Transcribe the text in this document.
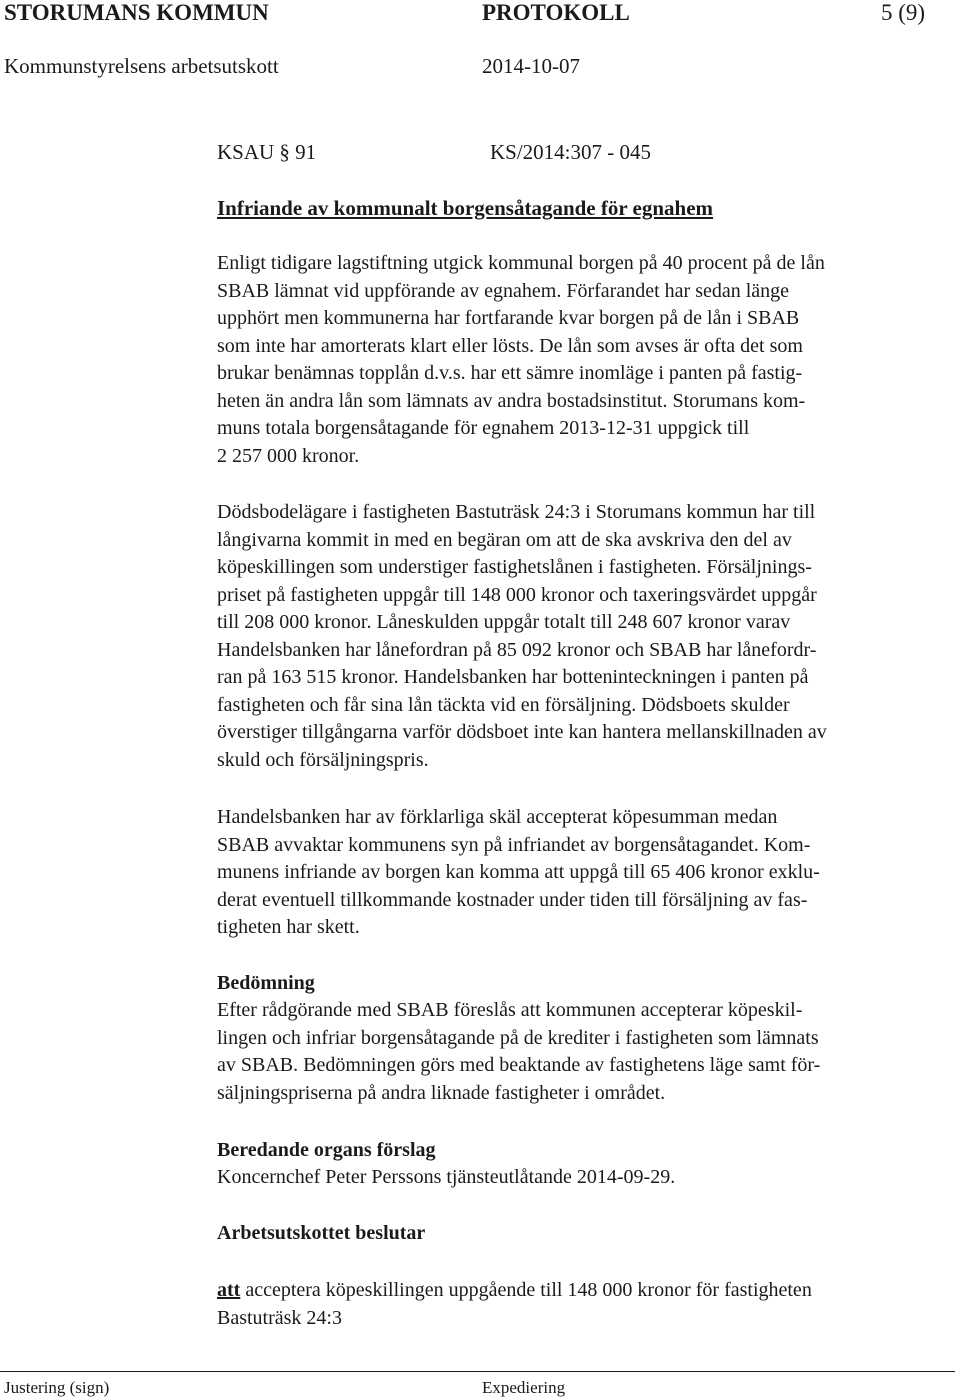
STORUMANS KOMMUN	PROTOKOLL	5 (9)
Kommunstyrelsens arbetsutskott	2014-10-07
KSAU § 91	KS/2014:307 - 045
Infriande av kommunalt borgensåtagande för egnahem
Enligt tidigare lagstiftning utgick kommunal borgen på 40 procent på de lån
SBAB lämnat vid uppförande av egnahem. Förfarandet har sedan länge
upphört men kommunerna har fortfarande kvar borgen på de lån i SBAB
som inte har amorterats klart eller lösts. De lån som avses är ofta det som
brukar benämnas topplån d.v.s. har ett sämre inomläge i panten på fastig-
heten än andra lån som lämnats av andra bostadsinstitut. Storumans kom-
muns totala borgensåtagande för egnahem 2013-12-31 uppgick till
2 257 000 kronor.
Dödsbodelägare i fastigheten Bastuträsk 24:3 i Storumans kommun har till
långivarna kommit in med en begäran om att de ska avskriva den del av
köpeskillingen som understiger fastighetslånen i fastigheten. Försäljnings-
priset på fastigheten uppgår till 148 000 kronor och taxeringsvärdet uppgår
till 208 000 kronor. Låneskulden uppgår totalt till 248 607 kronor varav
Handelsbanken har lånefordran på 85 092 kronor och SBAB har lånefordr-
ran på 163 515 kronor. Handelsbanken har botteninteckningen i panten på
fastigheten och får sina lån täckta vid en försäljning. Dödsboets skulder
överstiger tillgångarna varför dödsboet inte kan hantera mellanskillnaden av
skuld och försäljningspris.
Handelsbanken har av förklarliga skäl accepterat köpesumman medan
SBAB avvaktar kommunens syn på infriandet av borgensåtagandet. Kom-
munens infriande av borgen kan komma att uppgå till 65 406 kronor exklu-
derat eventuell tillkommande kostnader under tiden till försäljning av fas-
tigheten har skett.
Bedömning
Efter rådgörande med SBAB föreslås att kommunen accepterar köpeskil-
lingen och infriar borgensåtagande på de krediter i fastigheten som lämnats
av SBAB. Bedömningen görs med beaktande av fastighetens läge samt för-
säljningspriserna på andra liknade fastigheter i området.
Beredande organs förslag
Koncernchef Peter Perssons tjänsteutlåtande 2014-09-29.
Arbetsutskottet beslutar
att acceptera köpeskillingen uppgående till 148 000 kronor för fastigheten
Bastuträsk 24:3
Justering (sign)	Expediering
